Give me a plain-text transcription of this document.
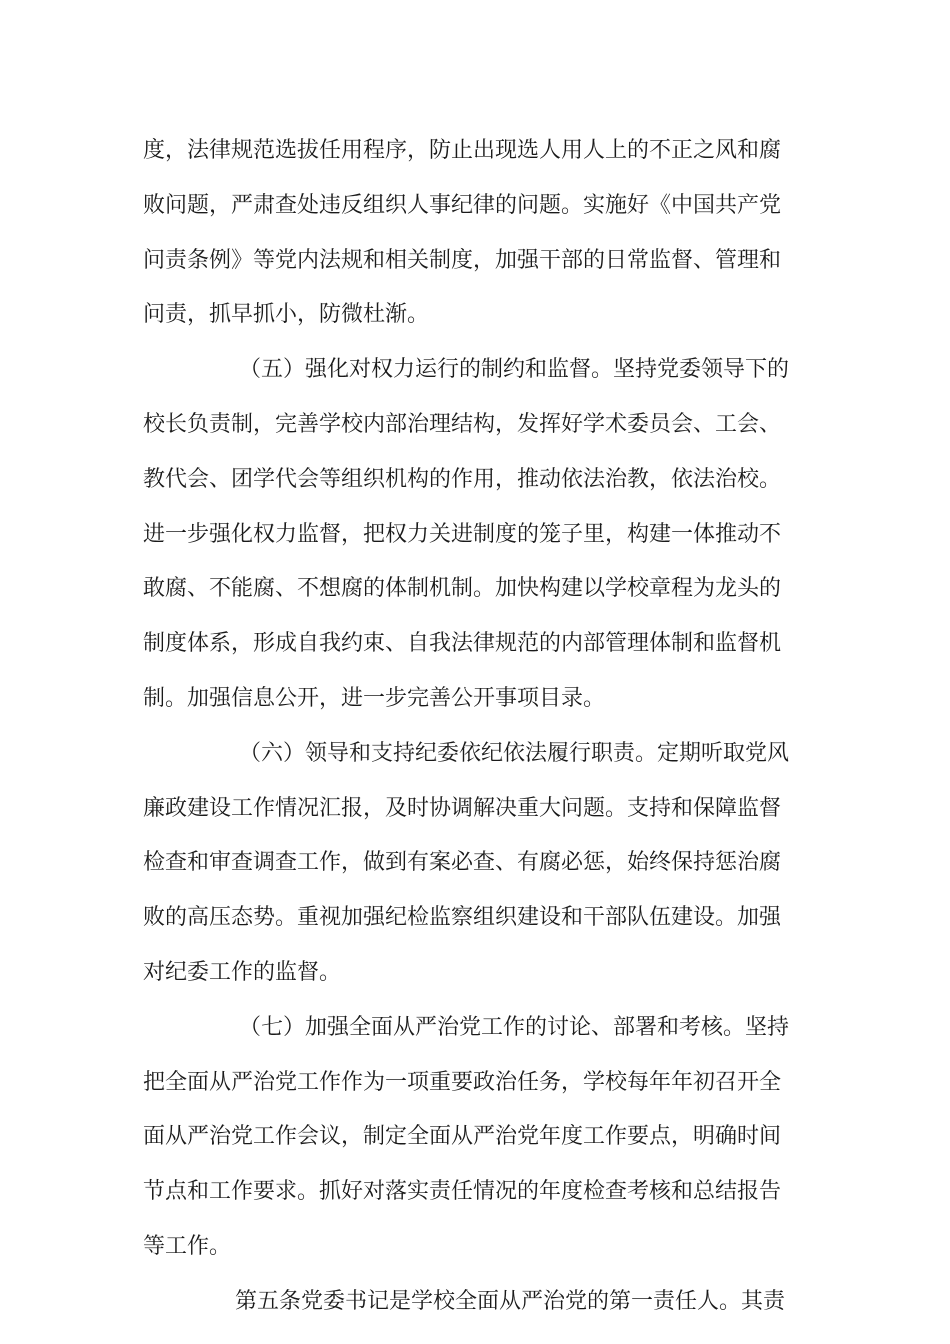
度，法律规范选拔任用程序，防止出现选人用人上的不正之风和腐
败问题，严肃查处违反组织人事纪律的问题。实施好《中国共产党
问责条例》等党内法规和相关制度，加强干部的日常监督、管理和
问责，抓早抓小，防微杜渐。
（五）强化对权力运行的制约和监督。坚持党委领导下的
校长负责制，完善学校内部治理结构，发挥好学术委员会、工会、
教代会、团学代会等组织机构的作用，推动依法治教，依法治校。
进一步强化权力监督，把权力关进制度的笼子里，构建一体推动不
敢腐、不能腐、不想腐的体制机制。加快构建以学校章程为龙头的
制度体系，形成自我约束、自我法律规范的内部管理体制和监督机
制。加强信息公开，进一步完善公开事项目录。
（六）领导和支持纪委依纪依法履行职责。定期听取党风
廉政建设工作情况汇报，及时协调解决重大问题。支持和保障监督
检查和审查调查工作，做到有案必查、有腐必惩，始终保持惩治腐
败的高压态势。重视加强纪检监察组织建设和干部队伍建设。加强
对纪委工作的监督。
（七）加强全面从严治党工作的讨论、部署和考核。坚持
把全面从严治党工作作为一项重要政治任务，学校每年年初召开全
面从严治党工作会议，制定全面从严治党年度工作要点，明确时间
节点和工作要求。抓好对落实责任情况的年度检查考核和总结报告
等工作。
第五条党委书记是学校全面从严治党的第一责任人。其责
